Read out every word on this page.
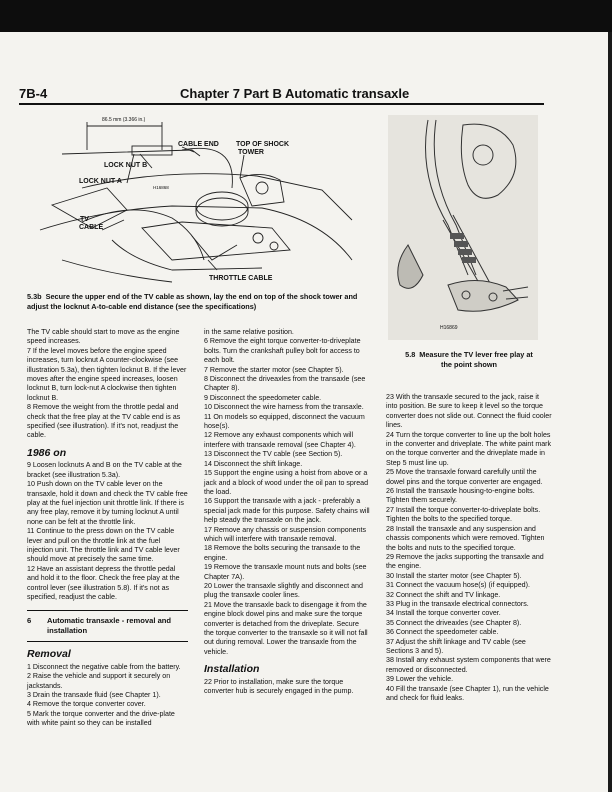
7B-4	Chapter 7 Part B Automatic transaxle
86.5 mm (3.366 in.)
CABLE END TOP OF SHOCK
TOWER
LOCK NUT B
LOCK NUT A
H16868
TV
CABLE
THROTTLE CABLE
5.3b Secure the upper end of the TV cable as shown, lay the end on top of the shock tower and adjust the locknut A-to-cable end distance (see the specifications)
H16869
5.8 Measure the TV lever free play at the point shown

The TV cable should start to move as the engine speed increases.

7 If the level moves before the engine speed increases, turn locknut A counter-clockwise (see illustration 5.3a), then tighten locknut B. If the lever moves after the engine speed increases, loosen locknut B, turn lock-nut A clockwise then tighten locknut B.

8 Remove the weight from the throttle pedal and check that the free play at the TV cable end is as specified (see illustration). If it's not, readjust the cable.

1986 on

9 Loosen locknuts A and B on the TV cable at the bracket (see illustration 5.3a).

10 Push down on the TV cable lever on the transaxle, hold it down and check the TV cable free play at the fuel injection unit throttle link. If there is any free play, remove it by turning locknut A until none can be felt at the throttle link.

11 Continue to the press down on the TV cable lever and pull on the throttle link at the fuel injection unit. The throttle link and TV cable lever should move at precisely the same time.

12 Have an assistant depress the throttle pedal and hold it to the floor. Check the free play at the control lever (see illustration 5.8). If it's not as specified, readjust the cable.

6	Automatic transaxle - removal and installation

Removal

1 Disconnect the negative cable from the battery.

2 Raise the vehicle and support it securely on jackstands.

3 Drain the transaxle fluid (see Chapter 1).

4 Remove the torque converter cover.

5 Mark the torque converter and the drive-plate with white paint so they can be installed

in the same relative position.

6 Remove the eight torque converter-to-driveplate bolts. Turn the crankshaft pulley bolt for access to each bolt.

7 Remove the starter motor (see Chapter 5).

8 Disconnect the driveaxles from the transaxle (see Chapter 8).

9 Disconnect the speedometer cable.

10 Disconnect the wire harness from the transaxle.

11 On models so equipped, disconnect the vacuum hose(s).

12 Remove any exhaust components which will interfere with transaxle removal (see Chapter 4).

13 Disconnect the TV cable (see Section 5).

14 Disconnect the shift linkage.

15 Support the engine using a hoist from above or a jack and a block of wood under the oil pan to spread the load.

16 Support the transaxle with a jack - preferably a special jack made for this purpose. Safety chains will help steady the transaxle on the jack.

17 Remove any chassis or suspension components which will interfere with transaxle removal.

18 Remove the bolts securing the transaxle to the engine.

19 Remove the transaxle mount nuts and bolts (see Chapter 7A).

20 Lower the transaxle slightly and disconnect and plug the transaxle cooler lines.

21 Move the transaxle back to disengage it from the engine block dowel pins and make sure the torque converter is detached from the driveplate. Secure the torque converter to the transaxle so it will not fall out during removal. Lower the transaxle from the vehicle.

Installation

22 Prior to installation, make sure the torque converter hub is securely engaged in the pump.

23 With the transaxle secured to the jack, raise it into position. Be sure to keep it level so the torque converter does not slide out. Connect the fluid cooler lines.

24 Turn the torque converter to line up the bolt holes in the converter and driveplate. The white paint mark on the torque converter and the driveplate made in Step 5 must line up.

25 Move the transaxle forward carefully until the dowel pins and the torque converter are engaged.

26 Install the transaxle housing-to-engine bolts. Tighten them securely.

27 Install the torque converter-to-driveplate bolts. Tighten the bolts to the specified torque.

28 Install the transaxle and any suspension and chassis components which were removed. Tighten the bolts and nuts to the specified torque.

29 Remove the jacks supporting the transaxle and the engine.

30 Install the starter motor (see Chapter 5).

31 Connect the vacuum hose(s) (if equipped).

32 Connect the shift and TV linkage.

33 Plug in the transaxle electrical connectors.

34 Install the torque converter cover.

35 Connect the driveaxles (see Chapter 8).

36 Connect the speedometer cable.

37 Adjust the shift linkage and TV cable (see Sections 3 and 5).

38 Install any exhaust system components that were removed or disconnected.

39 Lower the vehicle.

40 Fill the transaxle (see Chapter 1), run the vehicle and check for fluid leaks.
